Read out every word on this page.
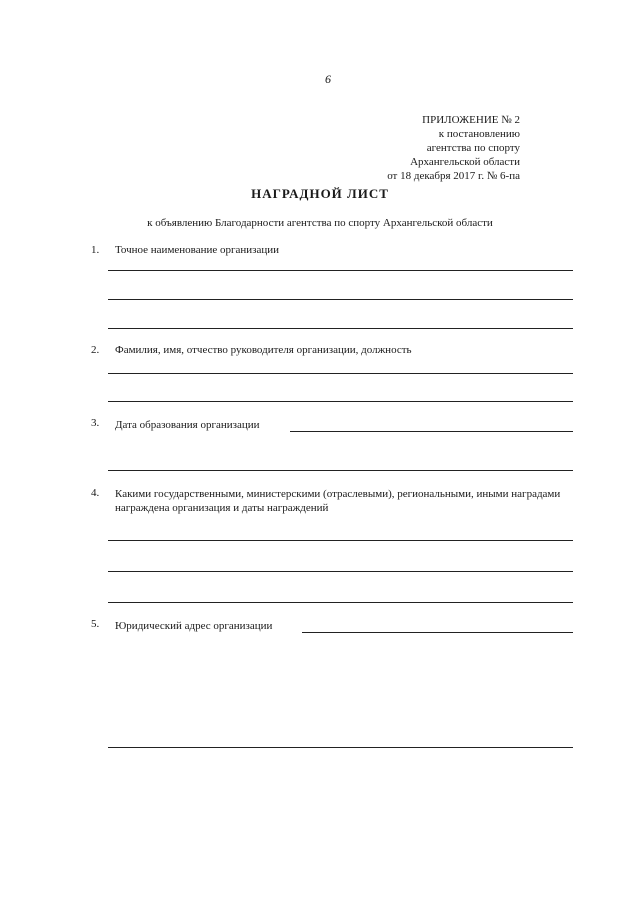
6
ПРИЛОЖЕНИЕ № 2
к постановлению
агентства по спорту
Архангельской области
от 18 декабря 2017 г. № 6-па
НАГРАДНОЙ ЛИСТ
к объявлению Благодарности агентства по спорту Архангельской области
1. Точное наименование организации
2. Фамилия, имя, отчество руководителя организации, должность
3. Дата образования организации
4. Какими государственными, министерскими (отраслевыми), региональными, иными наградами награждена организация и даты награждений
5. Юридический адрес организации
